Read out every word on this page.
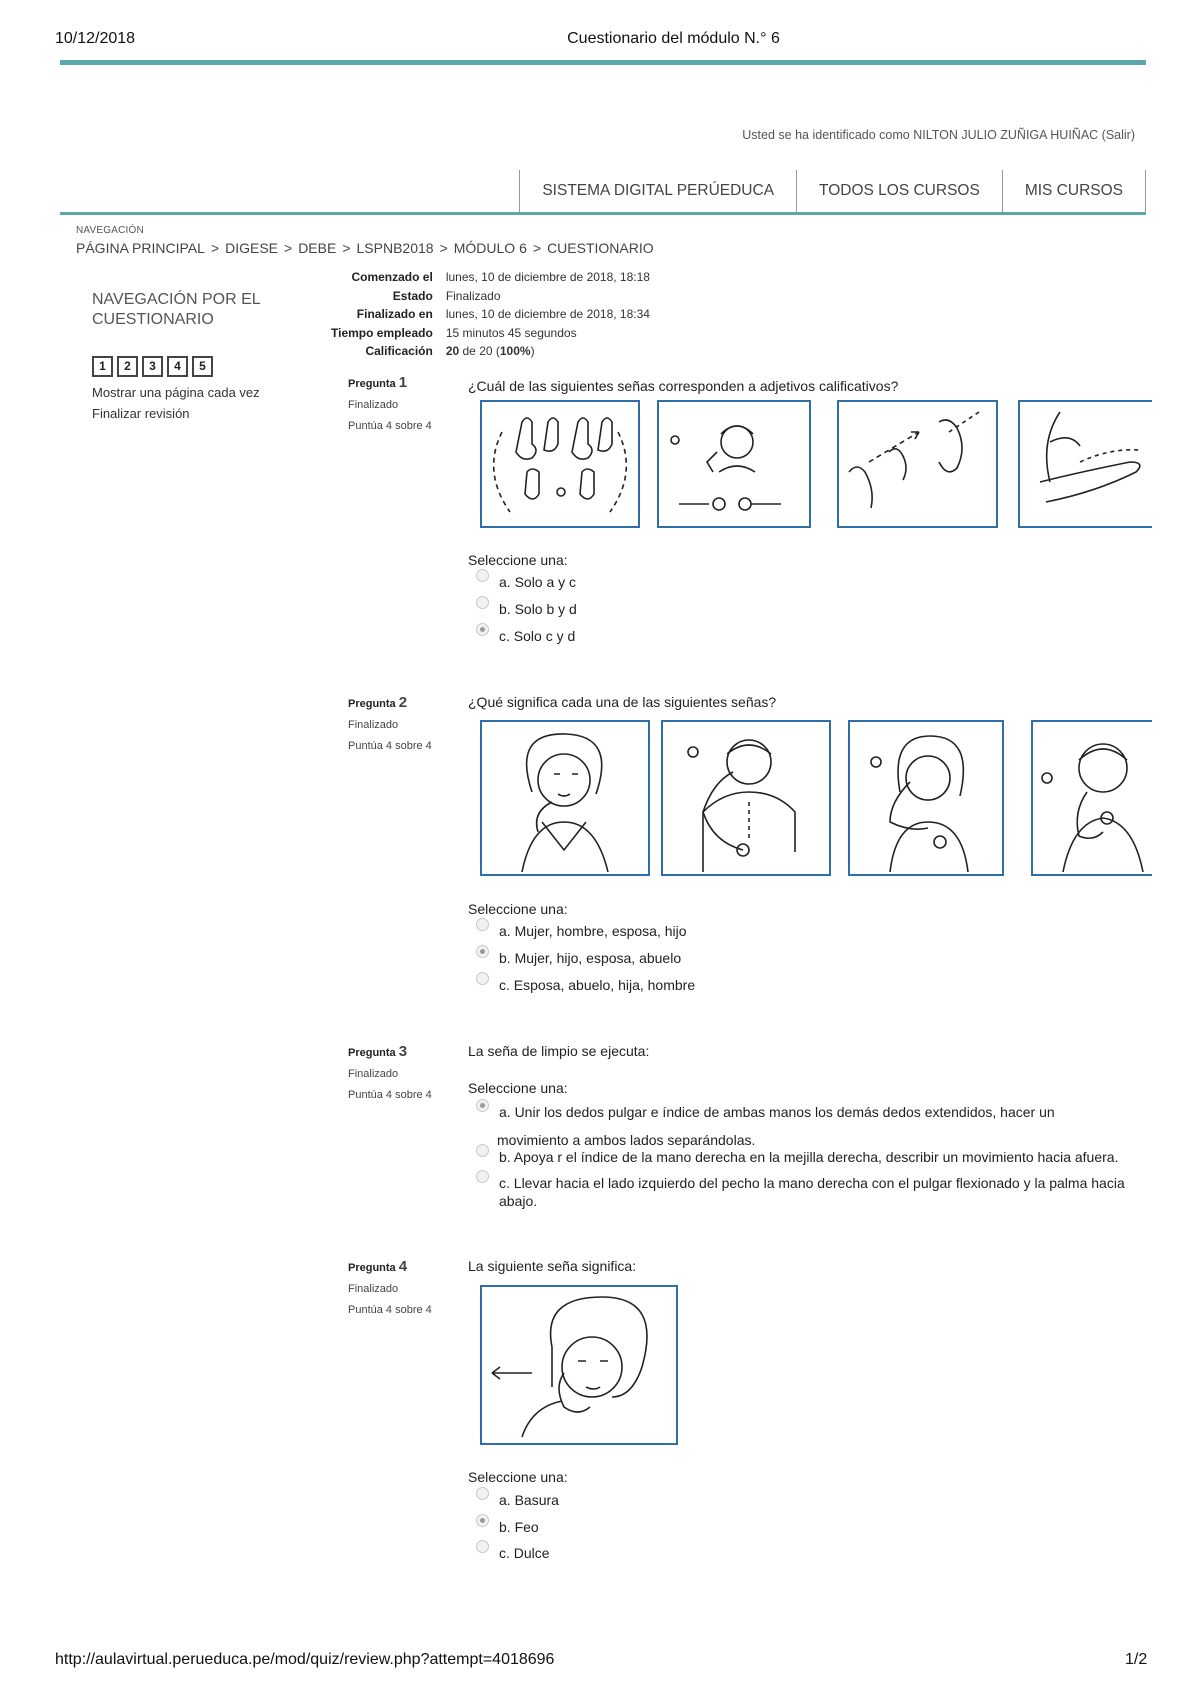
10/12/2018	Cuestionario del módulo N.° 6
http://aulavirtual.perueduca.pe/mod/quiz/review.php?attempt=4018696	1/2
Usted se ha identificado como NILTON JULIO ZUÑIGA HUIÑAC (Salir)
SISTEMA DIGITAL PERÚEDUCA	TODOS LOS CURSOS	MIS CURSOS
NAVEGACIÓN
PÁGINA PRINCIPAL > DIGESE > DEBE > LSPNB2018 > MÓDULO 6 > CUESTIONARIO
NAVEGACIÓN POR EL CUESTIONARIO
1	2	3	4	5
Mostrar una página cada vez
Finalizar revisión
Comenzado el	lunes, 10 de diciembre de 2018, 18:18
Estado	Finalizado
Finalizado en	lunes, 10 de diciembre de 2018, 18:34
Tiempo empleado	15 minutos 45 segundos
Calificación	20 de 20 (100%)
Pregunta 1
Finalizado
Puntúa 4 sobre 4
¿Cuál de las siguientes señas corresponden a adjetivos calificativos?
Seleccione una:
a. Solo a y c
b. Solo b y d
c. Solo c y d
Pregunta 2
Finalizado
Puntúa 4 sobre 4
¿Qué significa cada una de las siguientes señas?
Seleccione una:
a. Mujer, hombre, esposa, hijo
b. Mujer, hijo, esposa, abuelo
c. Esposa, abuelo, hija, hombre
Pregunta 3
Finalizado
Puntúa 4 sobre 4
La seña de limpio se ejecuta:
Seleccione una:
a. Unir los dedos pulgar e índice de ambas manos los demás dedos extendidos, hacer un
movimiento a ambos lados separándolas.
b. Apoya r el índice de la mano derecha en la mejilla derecha, describir un movimiento hacia afuera.
c. Llevar hacia el lado izquierdo del pecho la mano derecha con el pulgar flexionado y la palma hacia abajo.
Pregunta 4
Finalizado
Puntúa 4 sobre 4
La siguiente seña significa:
Seleccione una:
a. Basura
b. Feo
c. Dulce
